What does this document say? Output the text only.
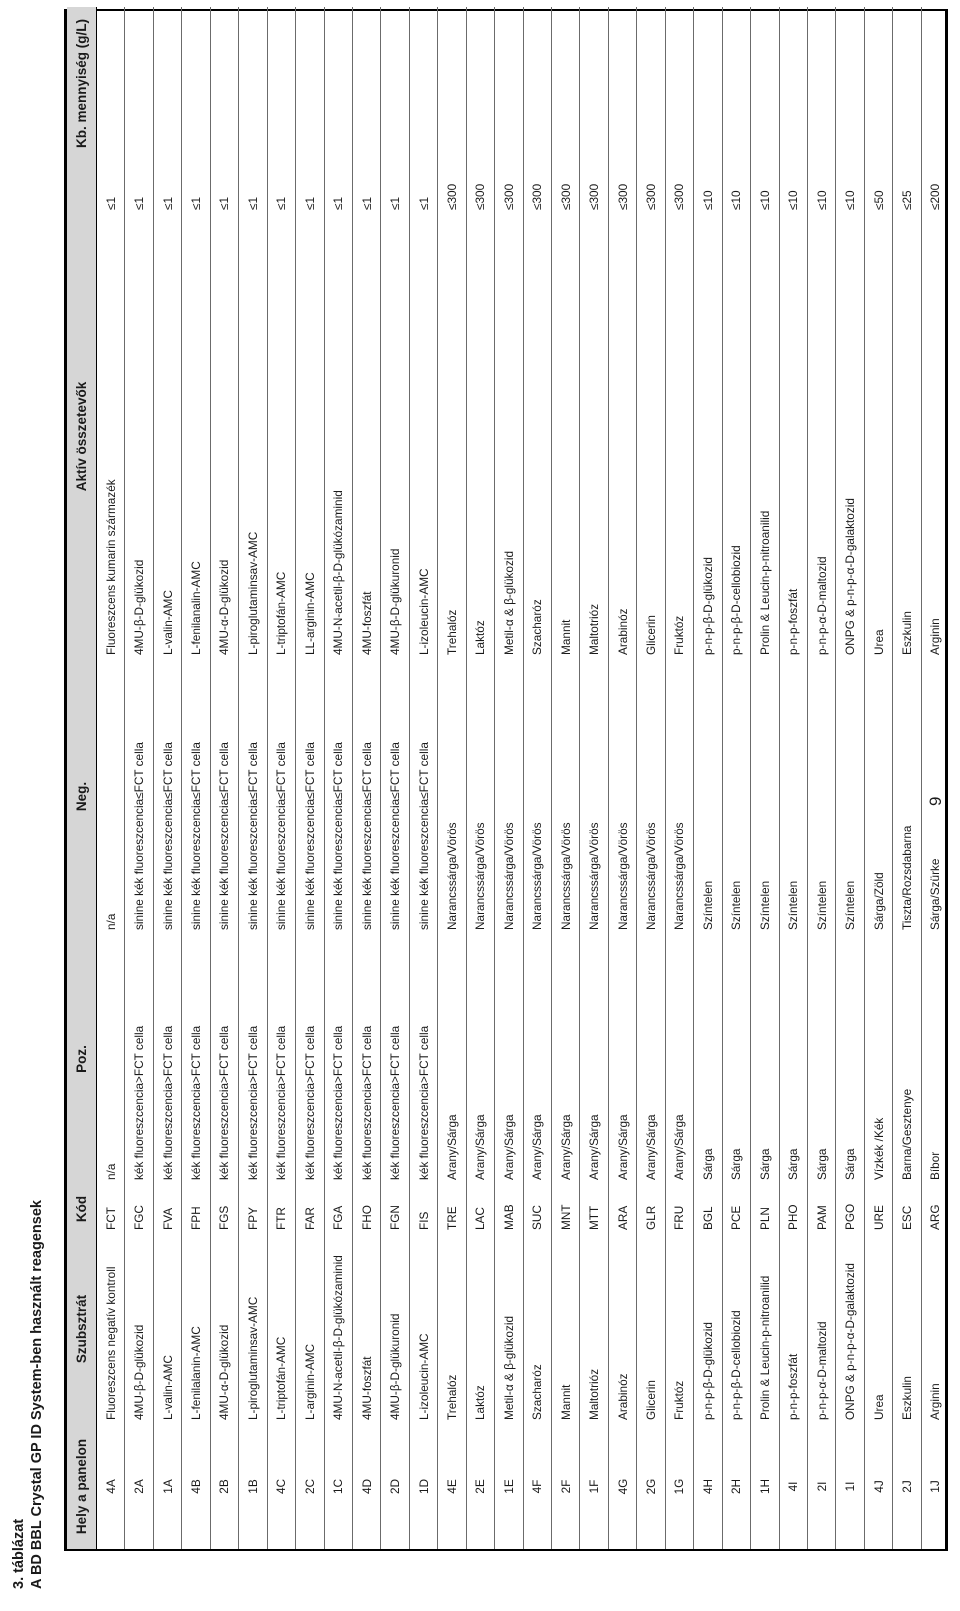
9
3. táblázat A BD BBL Crystal GP ID System-ben használt reagensek Hely a panelon	Szubsztrát	Kód	Poz.	Neg.	Aktív összetevők	Kb. mennyiség (g/L)
4A	Fluoreszcens negatív kontroll	FCT	n/a	n/a	Fluoreszcens kumarin származék	≤1
2A	4MU-β-D-glükozid	FGC	kék fluoreszcencia>FCT cella	sinine kék fluoreszcencia≤FCT cella	4MU-β-D-glükozid	≤1
1A	L-valin-AMC	FVA	kék fluoreszcencia>FCT cella	sinine kék fluoreszcencia≤FCT cella	L-valin-AMC	≤1
4B	L-fenilalanin-AMC	FPH	kék fluoreszcencia>FCT cella	sinine kék fluoreszcencia≤FCT cella	L-fenilanalin-AMC	≤1
2B	4MU-α-D-glükozid	FGS	kék fluoreszcencia>FCT cella	sinine kék fluoreszcencia≤FCT cella	4MU-α-D-glükozid	≤1
1B	L-piroglutaminsav-AMC	FPY	kék fluoreszcencia>FCT cella	sinine kék fluoreszcencia≤FCT cella	L-piroglutaminsav-AMC	≤1
4C	L-triptofán-AMC	FTR	kék fluoreszcencia>FCT cella	sinine kék fluoreszcencia≤FCT cella	L-triptofán-AMC	≤1
2C	L-arginin-AMC	FAR	kék fluoreszcencia>FCT cella	sinine kék fluoreszcencia≤FCT cella	LL-arginin-AMC	≤1
1C	4MU-N-acetil-β-D-glükózaminid	FGA	kék fluoreszcencia>FCT cella	sinine kék fluoreszcencia≤FCT cella	4MU-N-acetil-β-D-glükózaminid	≤1
4D	4MU-foszfát	FHO	kék fluoreszcencia>FCT cella	sinine kék fluoreszcencia≤FCT cella	4MU-foszfát	≤1
2D	4MU-β-D-glükuronid	FGN	kék fluoreszcencia>FCT cella	sinine kék fluoreszcencia≤FCT cella	4MU-β-D-glükuronid	≤1
1D	L-izoleucin-AMC	FIS	kék fluoreszcencia>FCT cella	sinine kék fluoreszcencia≤FCT cella	L-izoleucin-AMC	≤1
4E	Trehalóz	TRE	Arany/Sárga	Narancssárga/Vörös	Trehalóz	≤300
2E	Laktóz	LAC	Arany/Sárga	Narancssárga/Vörös	Laktóz	≤300
1E	Metil-α & β-glükozid	MAB	Arany/Sárga	Narancssárga/Vörös	Metil-α & β-glükozid	≤300
4F	Szacharóz	SUC	Arany/Sárga	Narancssárga/Vörös	Szacharóz	≤300
2F	Mannit	MNT	Arany/Sárga	Narancssárga/Vörös	Mannit	≤300
1F	Maltotrióz	MTT	Arany/Sárga	Narancssárga/Vörös	Maltotrióz	≤300
4G	Arabinóz	ARA	Arany/Sárga	Narancssárga/Vörös	Arabinóz	≤300
2G	Glicerin	GLR	Arany/Sárga	Narancssárga/Vörös	Glicerin	≤300
1G	Fruktóz	FRU	Arany/Sárga	Narancssárga/Vörös	Fruktóz	≤300
4H	p-n-p-β-D-glükozid	BGL	Sárga	Színtelen	p-n-p-β-D-glükozid	≤10
2H	p-n-p-β-D-cellobiozid	PCE	Sárga	Színtelen	p-n-p-β-D-cellobiozid	≤10
1H	Prolin & Leucin-p-nitroanilid	PLN	Sárga	Színtelen	Prolin & Leucin-p-nitroanilid	≤10
4I	p-n-p-foszfát	PHO	Sárga	Színtelen	p-n-p-foszfát	≤10
2I	p-n-p-α-D-maltozid	PAM	Sárga	Színtelen	p-n-p-α-D-maltozid	≤10
1I	ONPG & p-n-p-α-D-galaktozid	PGO	Sárga	Színtelen	ONPG & p-n-p-α-D-galaktozid	≤10
4J	Urea	URE	Vízkék /Kék	Sárga/Zöld	Urea	≤50
2J	Eszkulin	ESC	Barna/Gesztenye	Tiszta/Rozsdabarna	Eszkulin	≤25
1J	Arginin	ARG	Bíbor	Sárga/Szürke	Arginin	≤200
